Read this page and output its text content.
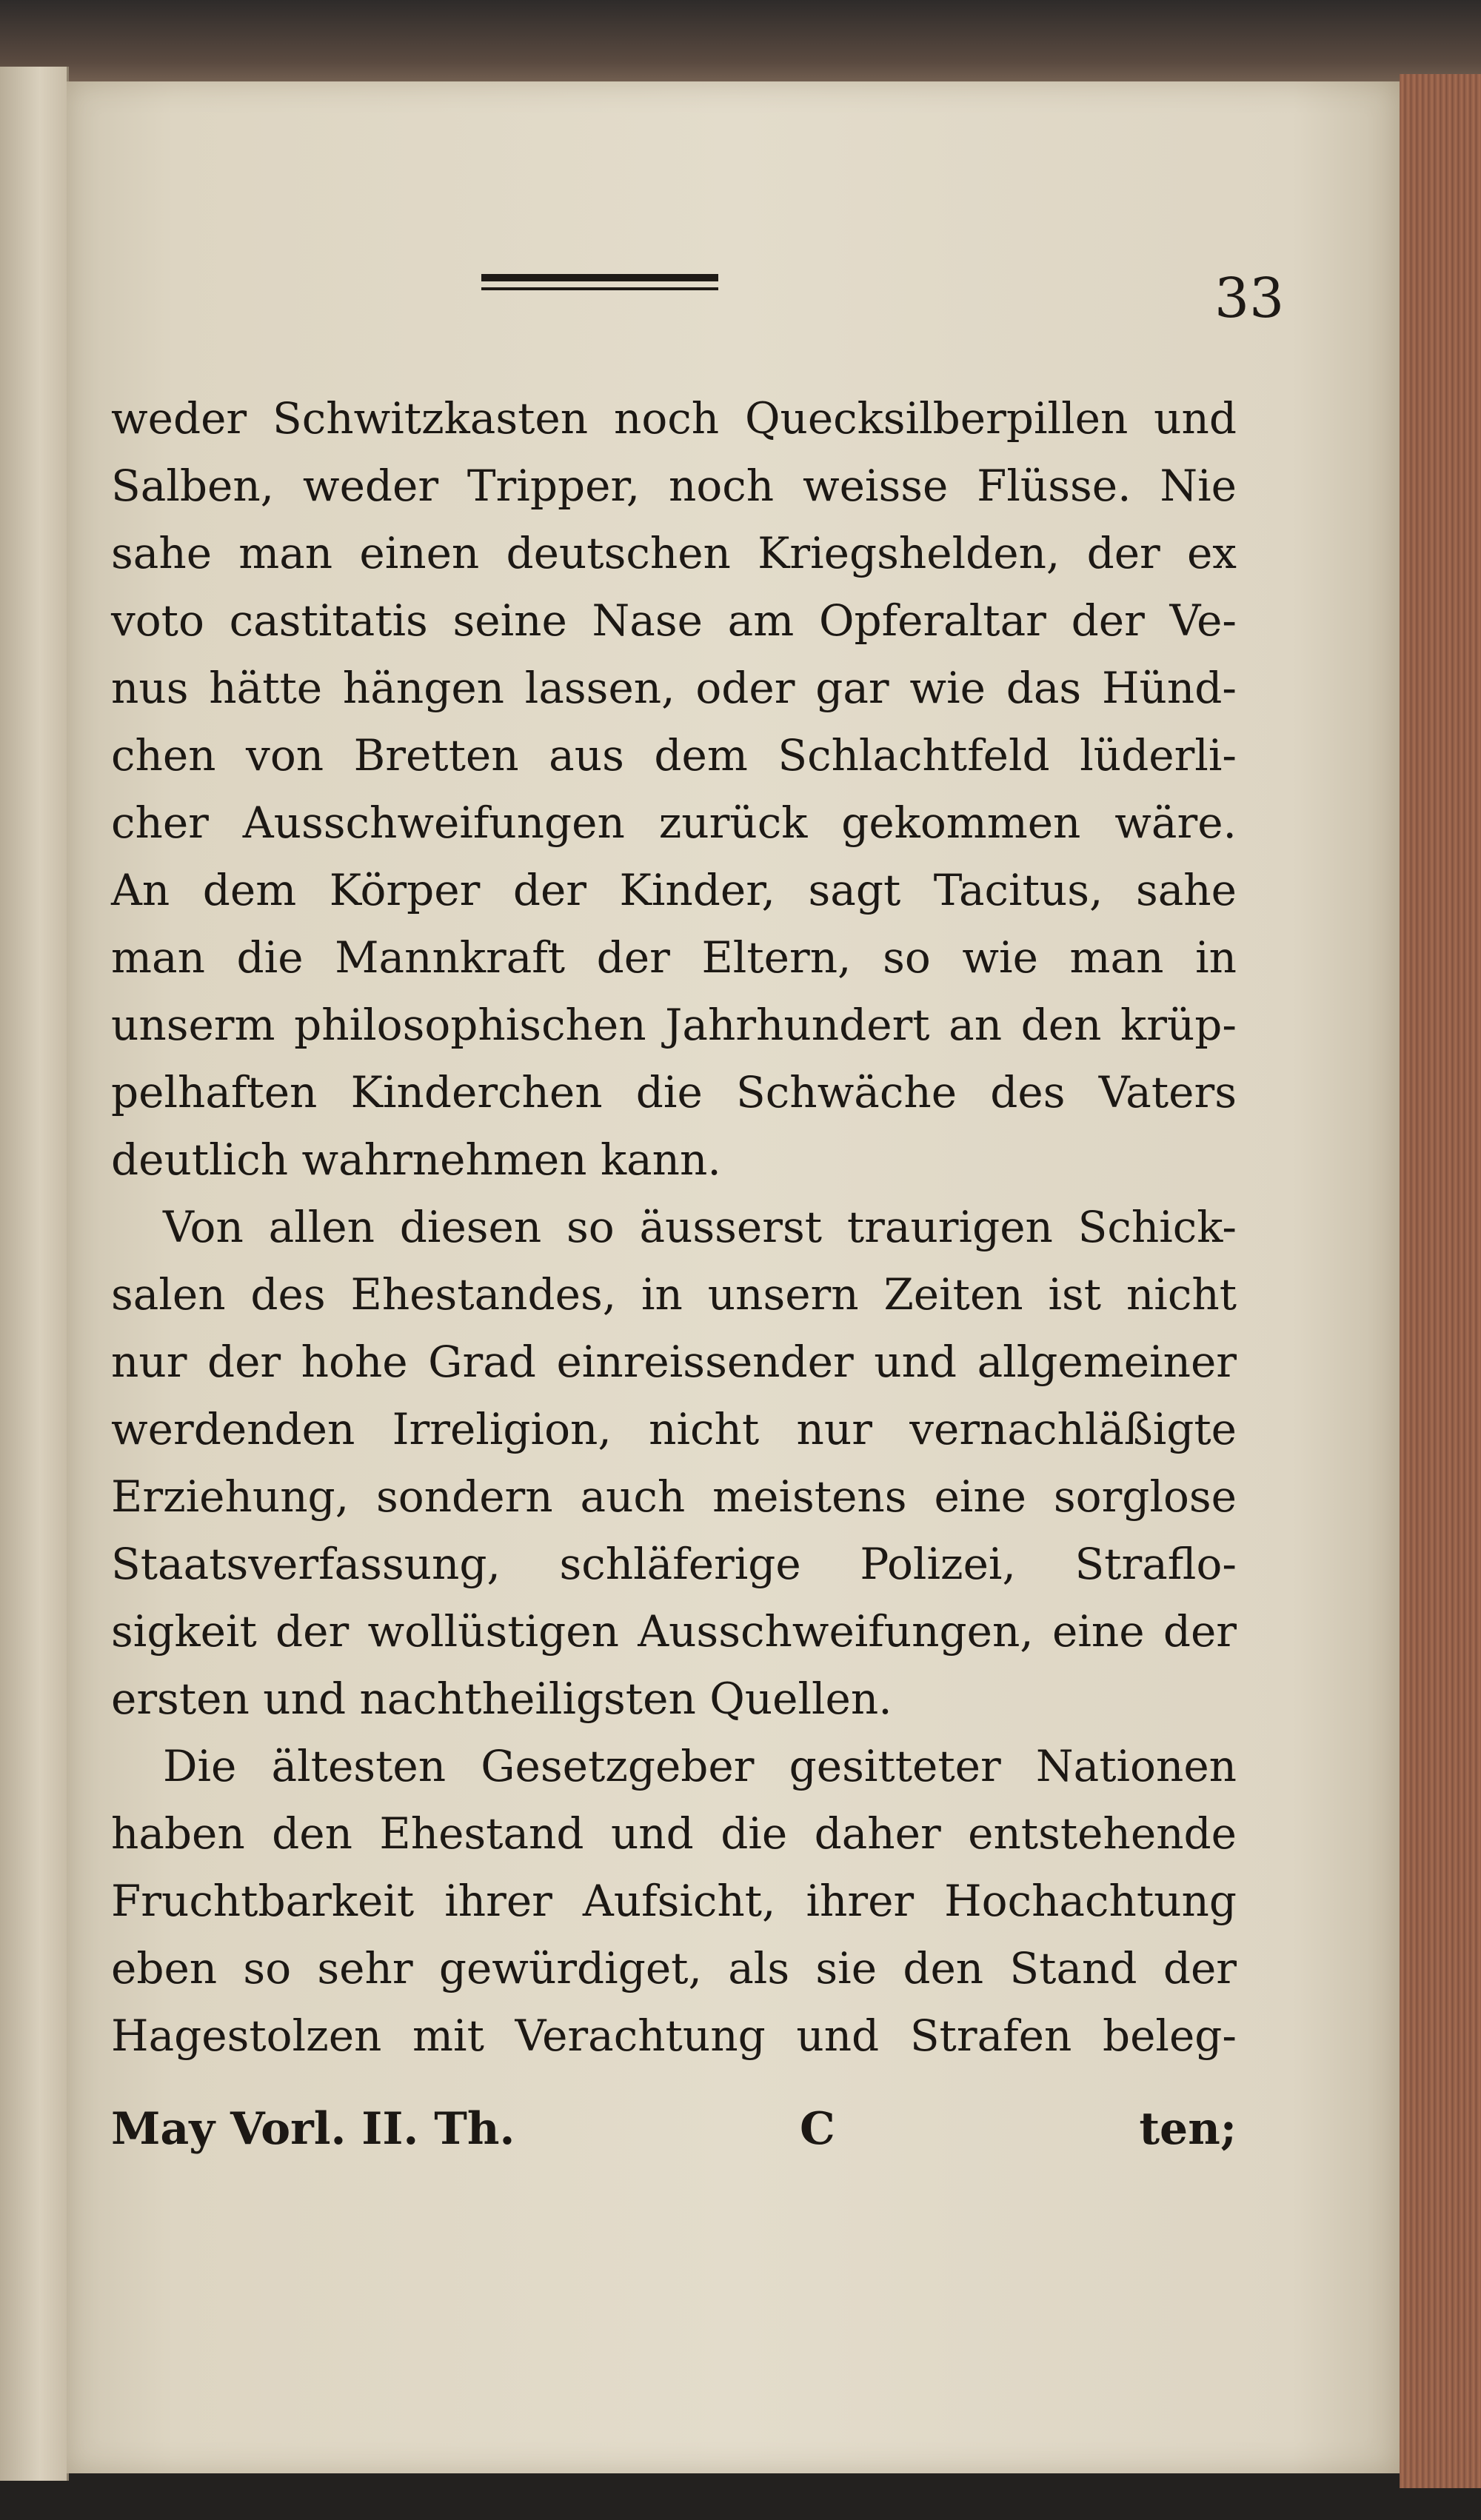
33
weder Schwitzkasten noch Quecksilberpillen und
Salben, weder Tripper, noch weisse Flüsse. Nie
sahe man einen deutschen Kriegshelden, der ex
voto castitatis seine Nase am Opferaltar der Ve-
nus hätte hängen lassen, oder gar wie das Hünd-
chen von Bretten aus dem Schlachtfeld lüderli-
cher Ausschweifungen zurück gekommen wäre.
An dem Körper der Kinder, sagt Tacitus, sahe
man die Mannkraft der Eltern, so wie man in
unserm philosophischen Jahrhundert an den krüp-
pelhaften Kinderchen die Schwäche des Vaters
deutlich wahrnehmen kann.
Von allen diesen so äusserst traurigen Schick-
salen des Ehestandes, in unsern Zeiten ist nicht
nur der hohe Grad einreissender und allgemeiner
werdenden Irreligion, nicht nur vernachläßigte
Erziehung, sondern auch meistens eine sorglose
Staatsverfassung, schläferige Polizei, Straflo-
sigkeit der wollüstigen Ausschweifungen, eine der
ersten und nachtheiligsten Quellen.
Die ältesten Gesetzgeber gesitteter Nationen
haben den Ehestand und die daher entstehende
Fruchtbarkeit ihrer Aufsicht, ihrer Hochachtung
eben so sehr gewürdiget, als sie den Stand der
Hagestolzen mit Verachtung und Strafen beleg-
May Vorl. II. Th.	C	ten;
